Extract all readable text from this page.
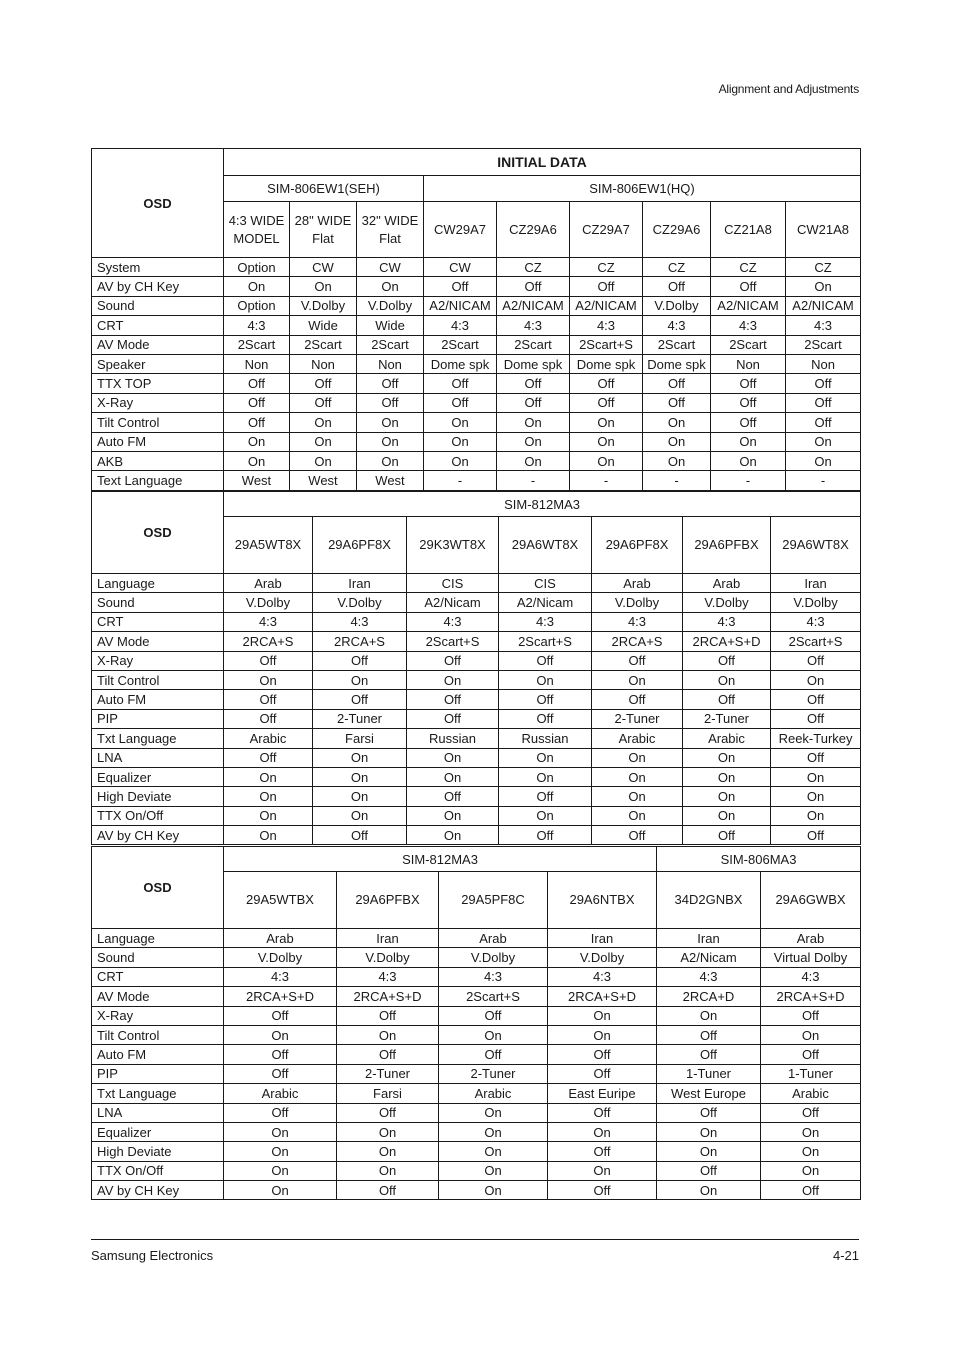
Alignment and Adjustments
OSD	INITIAL DATA								
	SIM-806EW1(SEH)			SIM-806EW1(HQ)					
	4:3 WIDE MODEL	28" WIDE Flat	32" WIDE Flat	CW29A7	CZ29A6	CZ29A7	CZ29A6	CZ21A8	CW21A8
System	Option	CW	CW	CW	CZ	CZ	CZ	CZ	CZ
AV by CH Key	On	On	On	Off	Off	Off	Off	Off	On
Sound	Option	V.Dolby	V.Dolby	A2/NICAM	A2/NICAM	A2/NICAM	V.Dolby	A2/NICAM	A2/NICAM
CRT	4:3	Wide	Wide	4:3	4:3	4:3	4:3	4:3	4:3
AV Mode	2Scart	2Scart	2Scart	2Scart	2Scart	2Scart+S	2Scart	2Scart	2Scart
Speaker	Non	Non	Non	Dome spk	Dome spk	Dome spk	Dome spk	Non	Non
TTX TOP	Off	Off	Off	Off	Off	Off	Off	Off	Off
X-Ray	Off	Off	Off	Off	Off	Off	Off	Off	Off
Tilt Control	Off	On	On	On	On	On	On	Off	Off
Auto FM	On	On	On	On	On	On	On	On	On
AKB	On	On	On	On	On	On	On	On	On
Text Language	West	West	West	-	-	-	-	-	-
OSD	SIM-812MA3						
	29A5WT8X	29A6PF8X	29K3WT8X	29A6WT8X	29A6PF8X	29A6PFBX	29A6WT8X
Language	Arab	Iran	CIS	CIS	Arab	Arab	Iran
Sound	V.Dolby	V.Dolby	A2/Nicam	A2/Nicam	V.Dolby	V.Dolby	V.Dolby
CRT	4:3	4:3	4:3	4:3	4:3	4:3	4:3
AV Mode	2RCA+S	2RCA+S	2Scart+S	2Scart+S	2RCA+S	2RCA+S+D	2Scart+S
X-Ray	Off	Off	Off	Off	Off	Off	Off
Tilt Control	On	On	On	On	On	On	On
Auto FM	Off	Off	Off	Off	Off	Off	Off
PIP	Off	2-Tuner	Off	Off	2-Tuner	2-Tuner	Off
Txt Language	Arabic	Farsi	Russian	Russian	Arabic	Arabic	Reek-Turkey
LNA	Off	On	On	On	On	On	Off
Equalizer	On	On	On	On	On	On	On
High Deviate	On	On	Off	Off	On	On	On
TTX On/Off	On	On	On	On	On	On	On
AV by CH Key	On	Off	On	Off	Off	Off	Off
OSD	SIM-812MA3				SIM-806MA3	
	29A5WTBX	29A6PFBX	29A5PF8C	29A6NTBX	34D2GNBX	29A6GWBX
Language	Arab	Iran	Arab	Iran	Iran	Arab
Sound	V.Dolby	V.Dolby	V.Dolby	V.Dolby	A2/Nicam	Virtual Dolby
CRT	4:3	4:3	4:3	4:3	4:3	4:3
AV Mode	2RCA+S+D	2RCA+S+D	2Scart+S	2RCA+S+D	2RCA+D	2RCA+S+D
X-Ray	Off	Off	Off	On	On	Off
Tilt Control	On	On	On	On	Off	On
Auto FM	Off	Off	Off	Off	Off	Off
PIP	Off	2-Tuner	2-Tuner	Off	1-Tuner	1-Tuner
Txt Language	Arabic	Farsi	Arabic	East Euripe	West Europe	Arabic
LNA	Off	Off	On	Off	Off	Off
Equalizer	On	On	On	On	On	On
High Deviate	On	On	On	Off	On	On
TTX On/Off	On	On	On	On	Off	On
AV by CH Key	On	Off	On	Off	On	Off
Samsung Electronics	4-21
